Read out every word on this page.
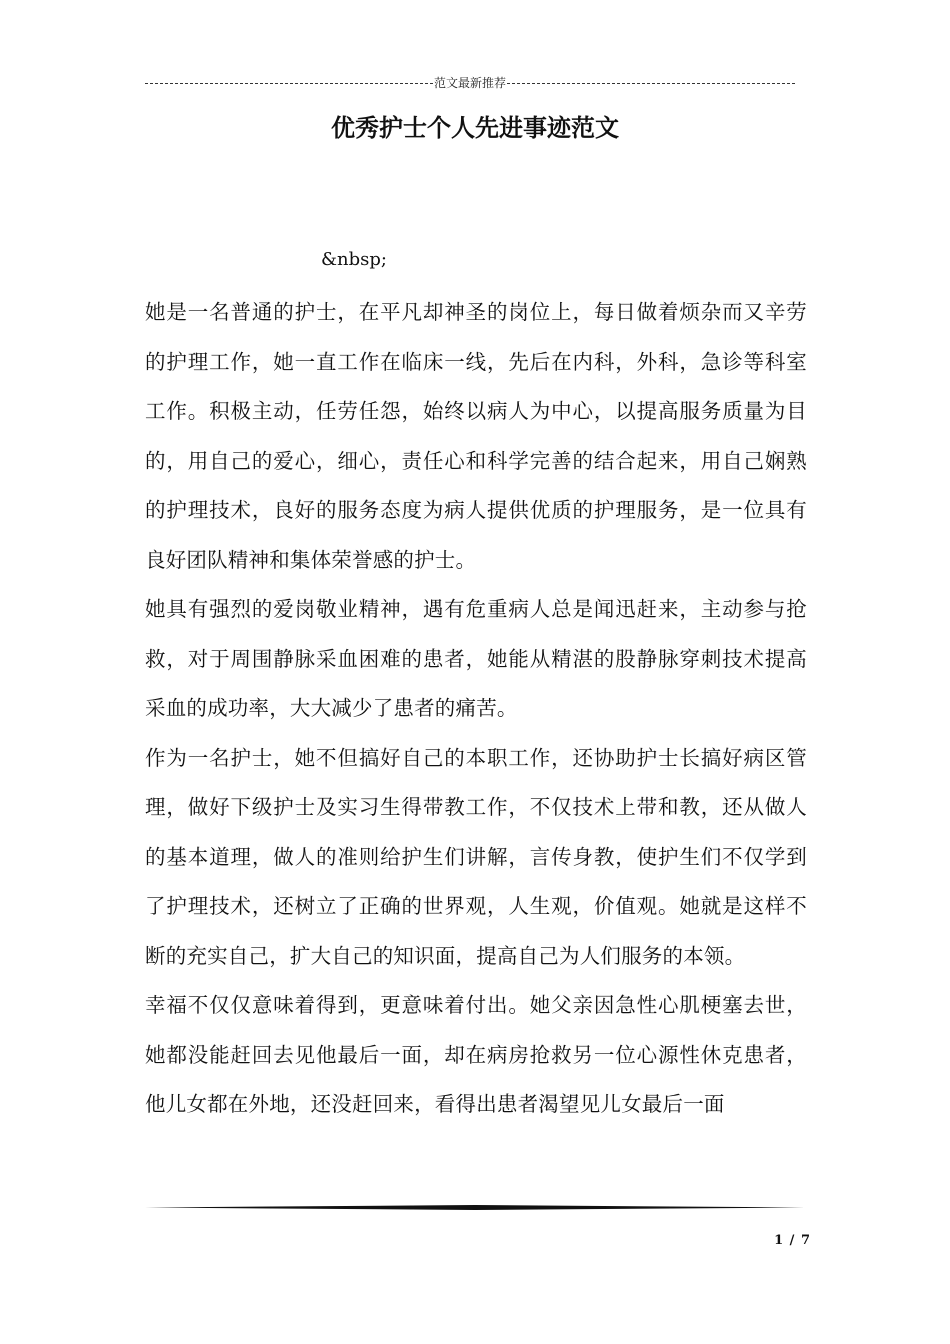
范文最新推荐
优秀护士个人先进事迹范文

&nbsp;

她是一名普通的护士，在平凡却神圣的岗位上，每日做着烦杂而又辛劳的护理工作，她一直工作在临床一线，先后在内科，外科，急诊等科室工作。积极主动，任劳任怨，始终以病人为中心，以提高服务质量为目的，用自己的爱心，细心，责任心和科学完善的结合起来，用自己娴熟的护理技术，良好的服务态度为病人提供优质的护理服务，是一位具有良好团队精神和集体荣誉感的护士。

她具有强烈的爱岗敬业精神，遇有危重病人总是闻迅赶来，主动参与抢救，对于周围静脉采血困难的患者，她能从精湛的股静脉穿刺技术提高采血的成功率，大大减少了患者的痛苦。

作为一名护士，她不但搞好自己的本职工作，还协助护士长搞好病区管理，做好下级护士及实习生得带教工作，不仅技术上带和教，还从做人的基本道理，做人的准则给护生们讲解，言传身教，使护生们不仅学到了护理技术，还树立了正确的世界观，人生观，价值观。她就是这样不断的充实自己，扩大自己的知识面，提高自己为人们服务的本领。

幸福不仅仅意味着得到，更意味着付出。她父亲因急性心肌梗塞去世，她都没能赶回去见他最后一面，却在病房抢救另一位心源性休克患者，他儿女都在外地，还没赶回来，看得出患者渴望见儿女最后一面

1 / 7
